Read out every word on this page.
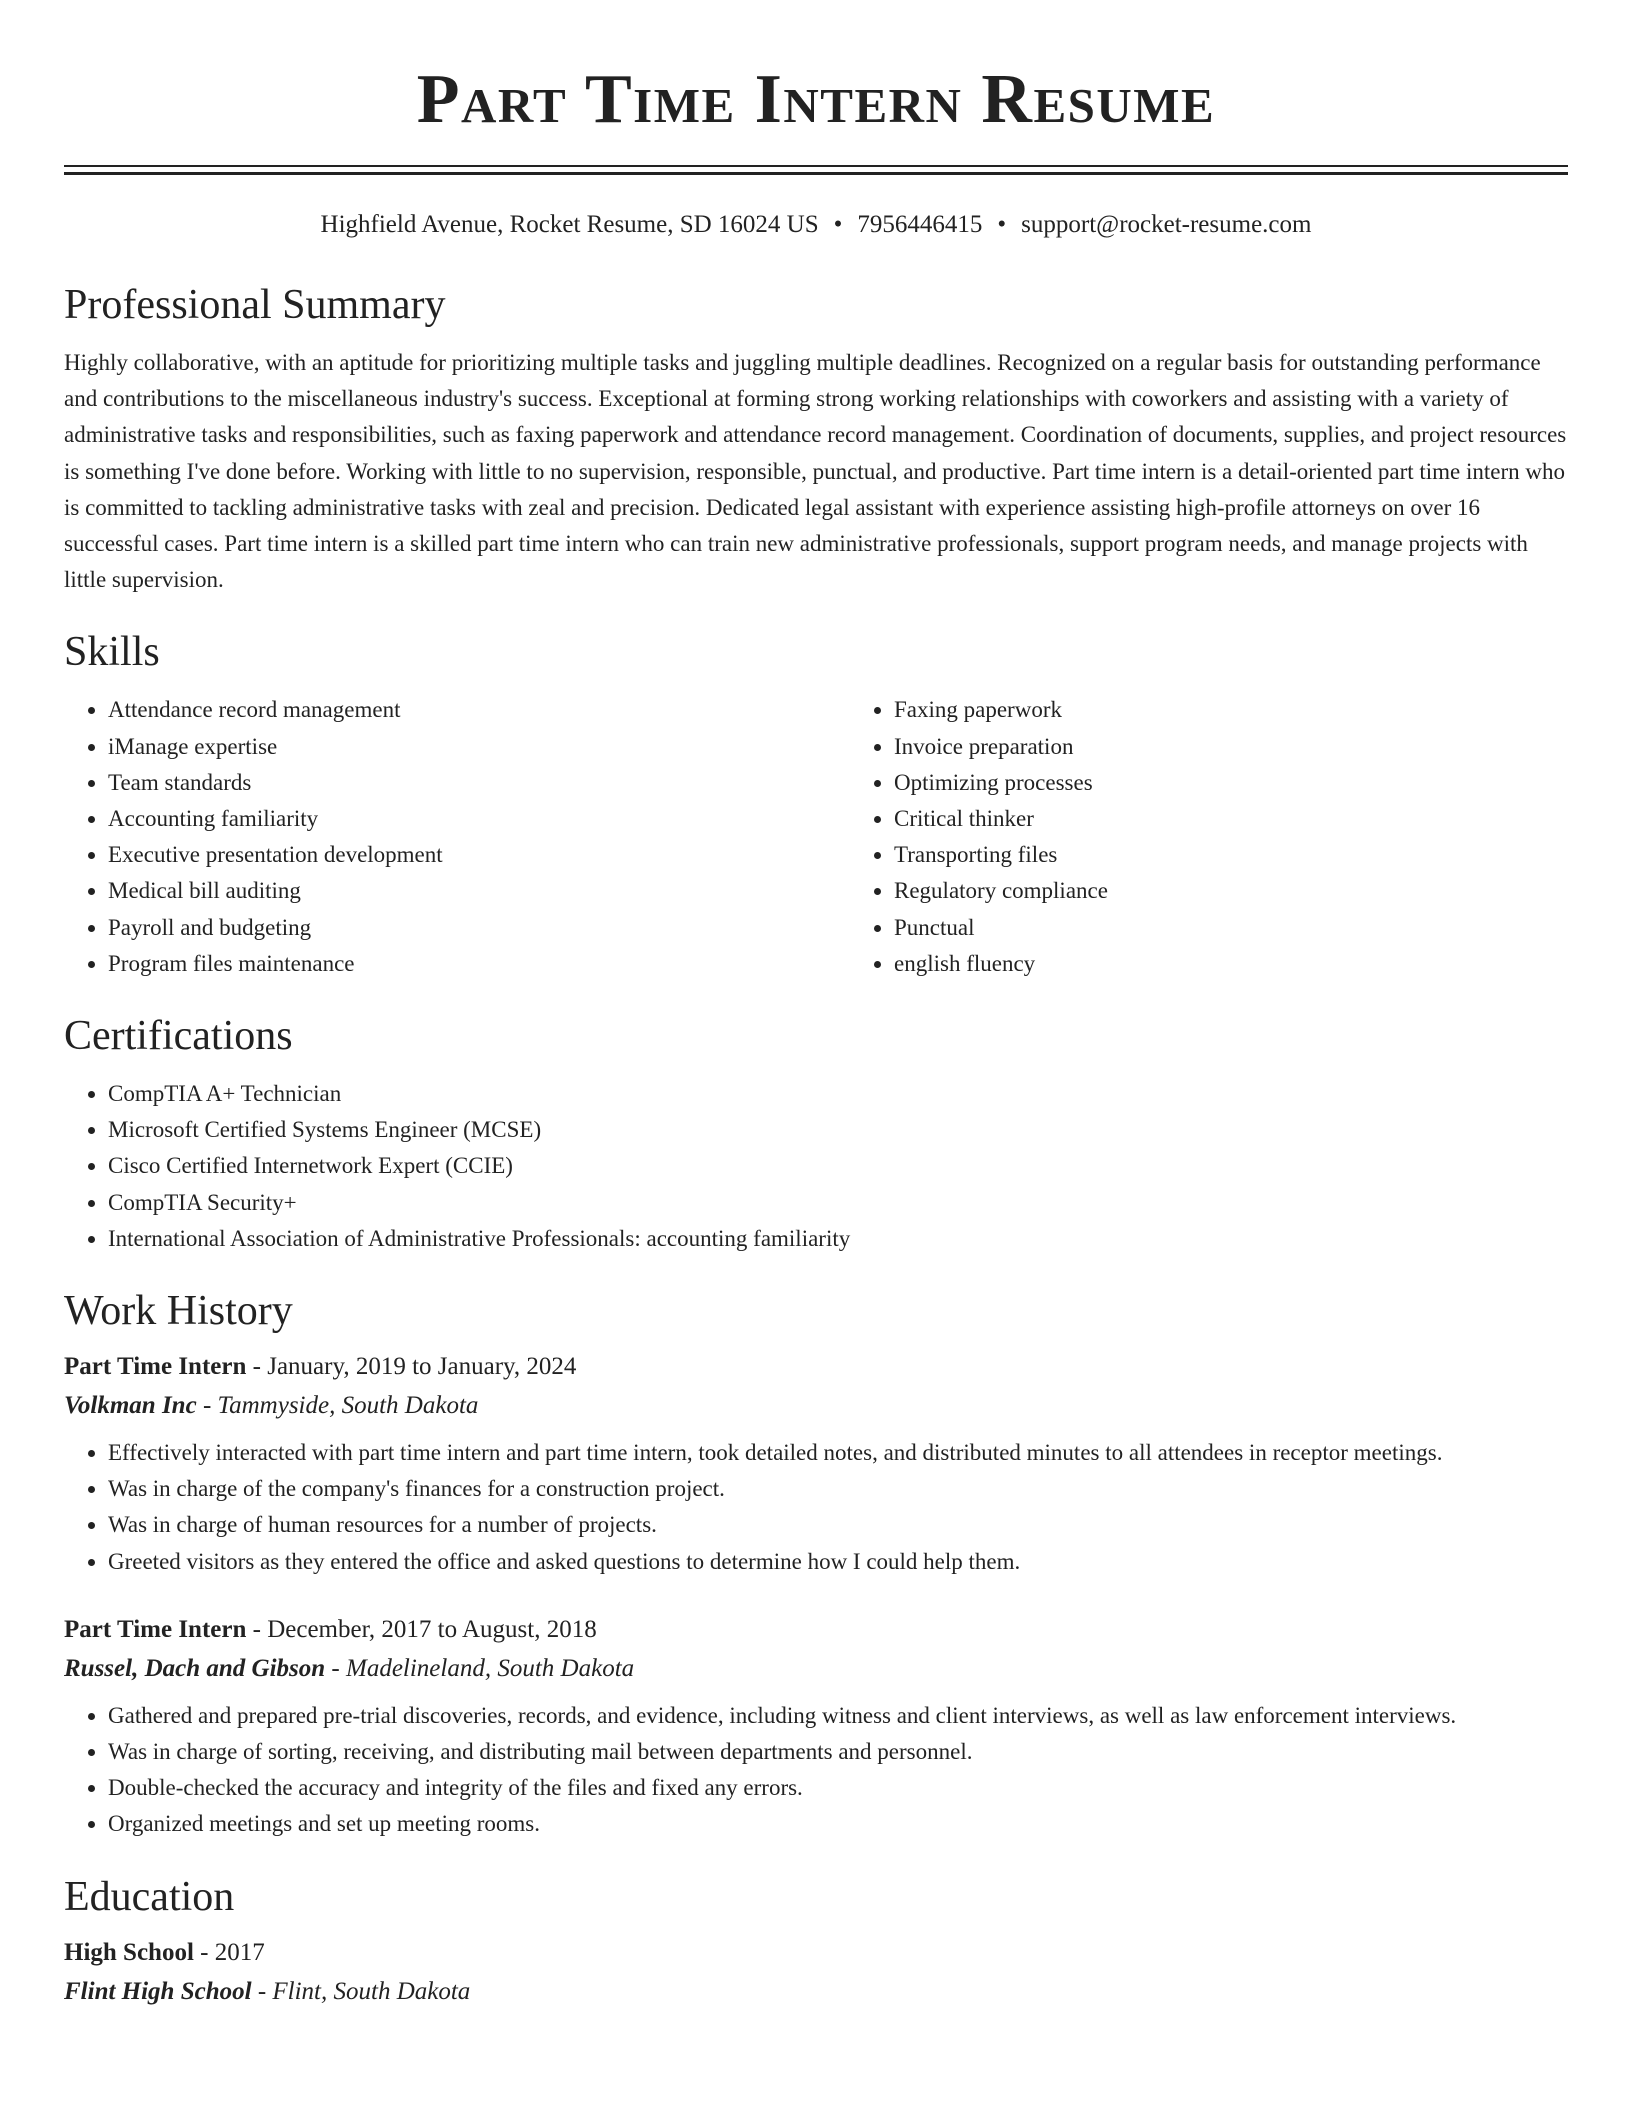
Part Time Intern Resume
Highfield Avenue, Rocket Resume, SD 16024 US • 7956446415 • support@rocket-resume.com
Professional Summary

Highly collaborative, with an aptitude for prioritizing multiple tasks and juggling multiple deadlines. Recognized on a regular basis for outstanding performance and contributions to the miscellaneous industry's success. Exceptional at forming strong working relationships with coworkers and assisting with a variety of administrative tasks and responsibilities, such as faxing paperwork and attendance record management. Coordination of documents, supplies, and project resources is something I've done before. Working with little to no supervision, responsible, punctual, and productive. Part time intern is a detail-oriented part time intern who is committed to tackling administrative tasks with zeal and precision. Dedicated legal assistant with experience assisting high-profile attorneys on over 16 successful cases. Part time intern is a skilled part time intern who can train new administrative professionals, support program needs, and manage projects with little supervision.

Skills
• Attendance record management
• iManage expertise
• Team standards
• Accounting familiarity
• Executive presentation development
• Medical bill auditing
• Payroll and budgeting
• Program files maintenance
• Faxing paperwork
• Invoice preparation
• Optimizing processes
• Critical thinker
• Transporting files
• Regulatory compliance
• Punctual
• english fluency
Certifications
• CompTIA A+ Technician
• Microsoft Certified Systems Engineer (MCSE)
• Cisco Certified Internetwork Expert (CCIE)
• CompTIA Security+
• International Association of Administrative Professionals: accounting familiarity
Work History

Part Time Intern - January, 2019 to January, 2024

Volkman Inc - Tammyside, South Dakota

• Effectively interacted with part time intern and part time intern, took detailed notes, and distributed minutes to all attendees in receptor meetings.
• Was in charge of the company's finances for a construction project.
• Was in charge of human resources for a number of projects.
• Greeted visitors as they entered the office and asked questions to determine how I could help them.

Part Time Intern - December, 2017 to August, 2018

Russel, Dach and Gibson - Madelineland, South Dakota

• Gathered and prepared pre-trial discoveries, records, and evidence, including witness and client interviews, as well as law enforcement interviews.
• Was in charge of sorting, receiving, and distributing mail between departments and personnel.
• Double-checked the accuracy and integrity of the files and fixed any errors.
• Organized meetings and set up meeting rooms.
Education

High School - 2017

Flint High School - Flint, South Dakota
